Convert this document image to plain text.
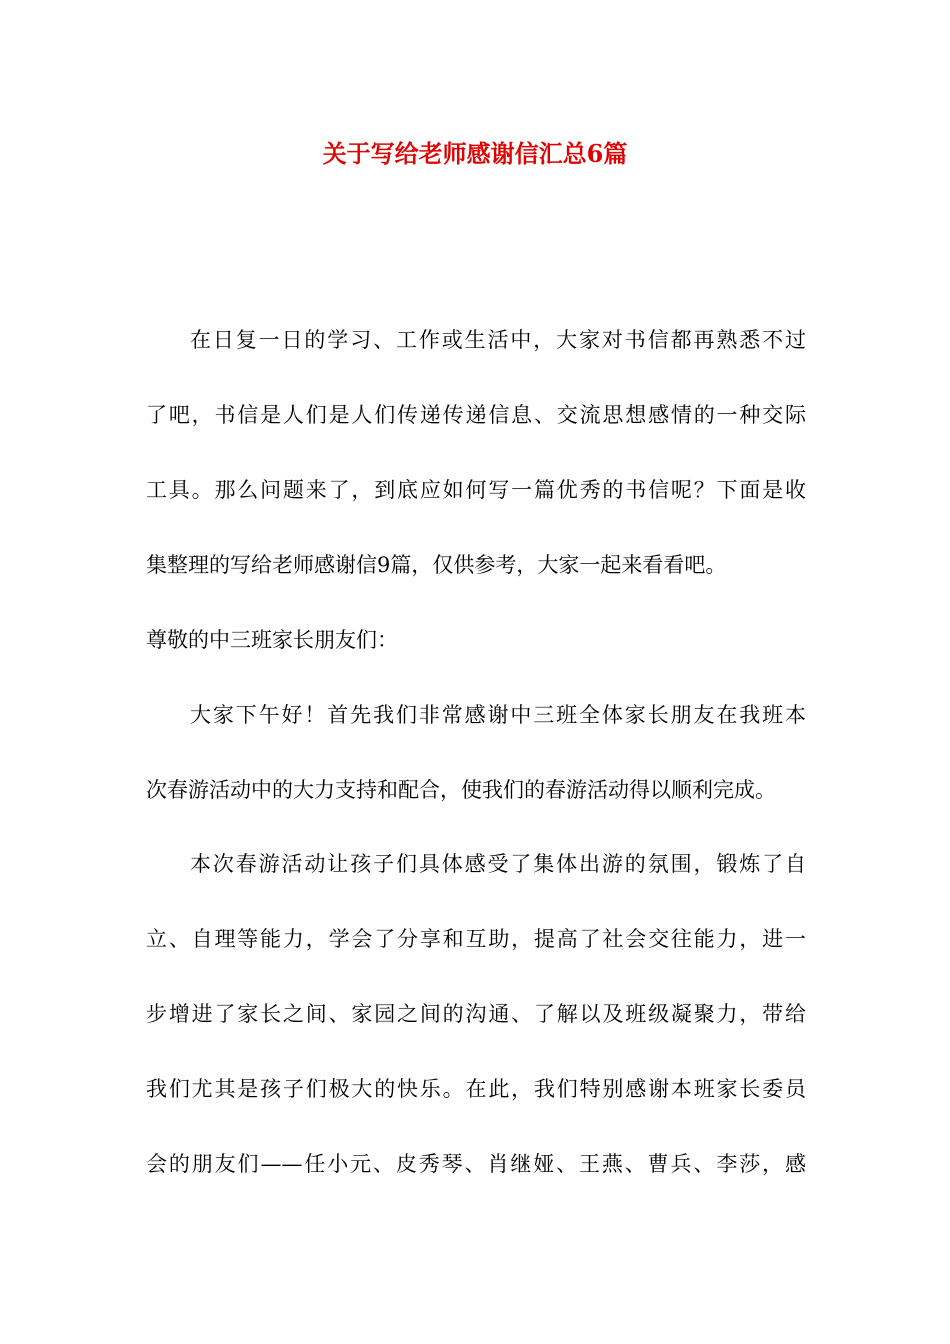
关于写给老师感谢信汇总6篇
在日复一日的学习、工作或生活中，大家对书信都再熟悉不过
了吧，书信是人们是人们传递传递信息、交流思想感情的一种交际
工具。那么问题来了，到底应如何写一篇优秀的书信呢？下面是收
集整理的写给老师感谢信9篇，仅供参考，大家一起来看看吧。
尊敬的中三班家长朋友们：
大家下午好！首先我们非常感谢中三班全体家长朋友在我班本
次春游活动中的大力支持和配合，使我们的春游活动得以顺利完成。
本次春游活动让孩子们具体感受了集体出游的氛围，锻炼了自
立、自理等能力，学会了分享和互助，提高了社会交往能力，进一
步增进了家长之间、家园之间的沟通、了解以及班级凝聚力，带给
我们尤其是孩子们极大的快乐。在此，我们特别感谢本班家长委员
会的朋友们——任小元、皮秀琴、肖继娅、王燕、曹兵、李莎，感
